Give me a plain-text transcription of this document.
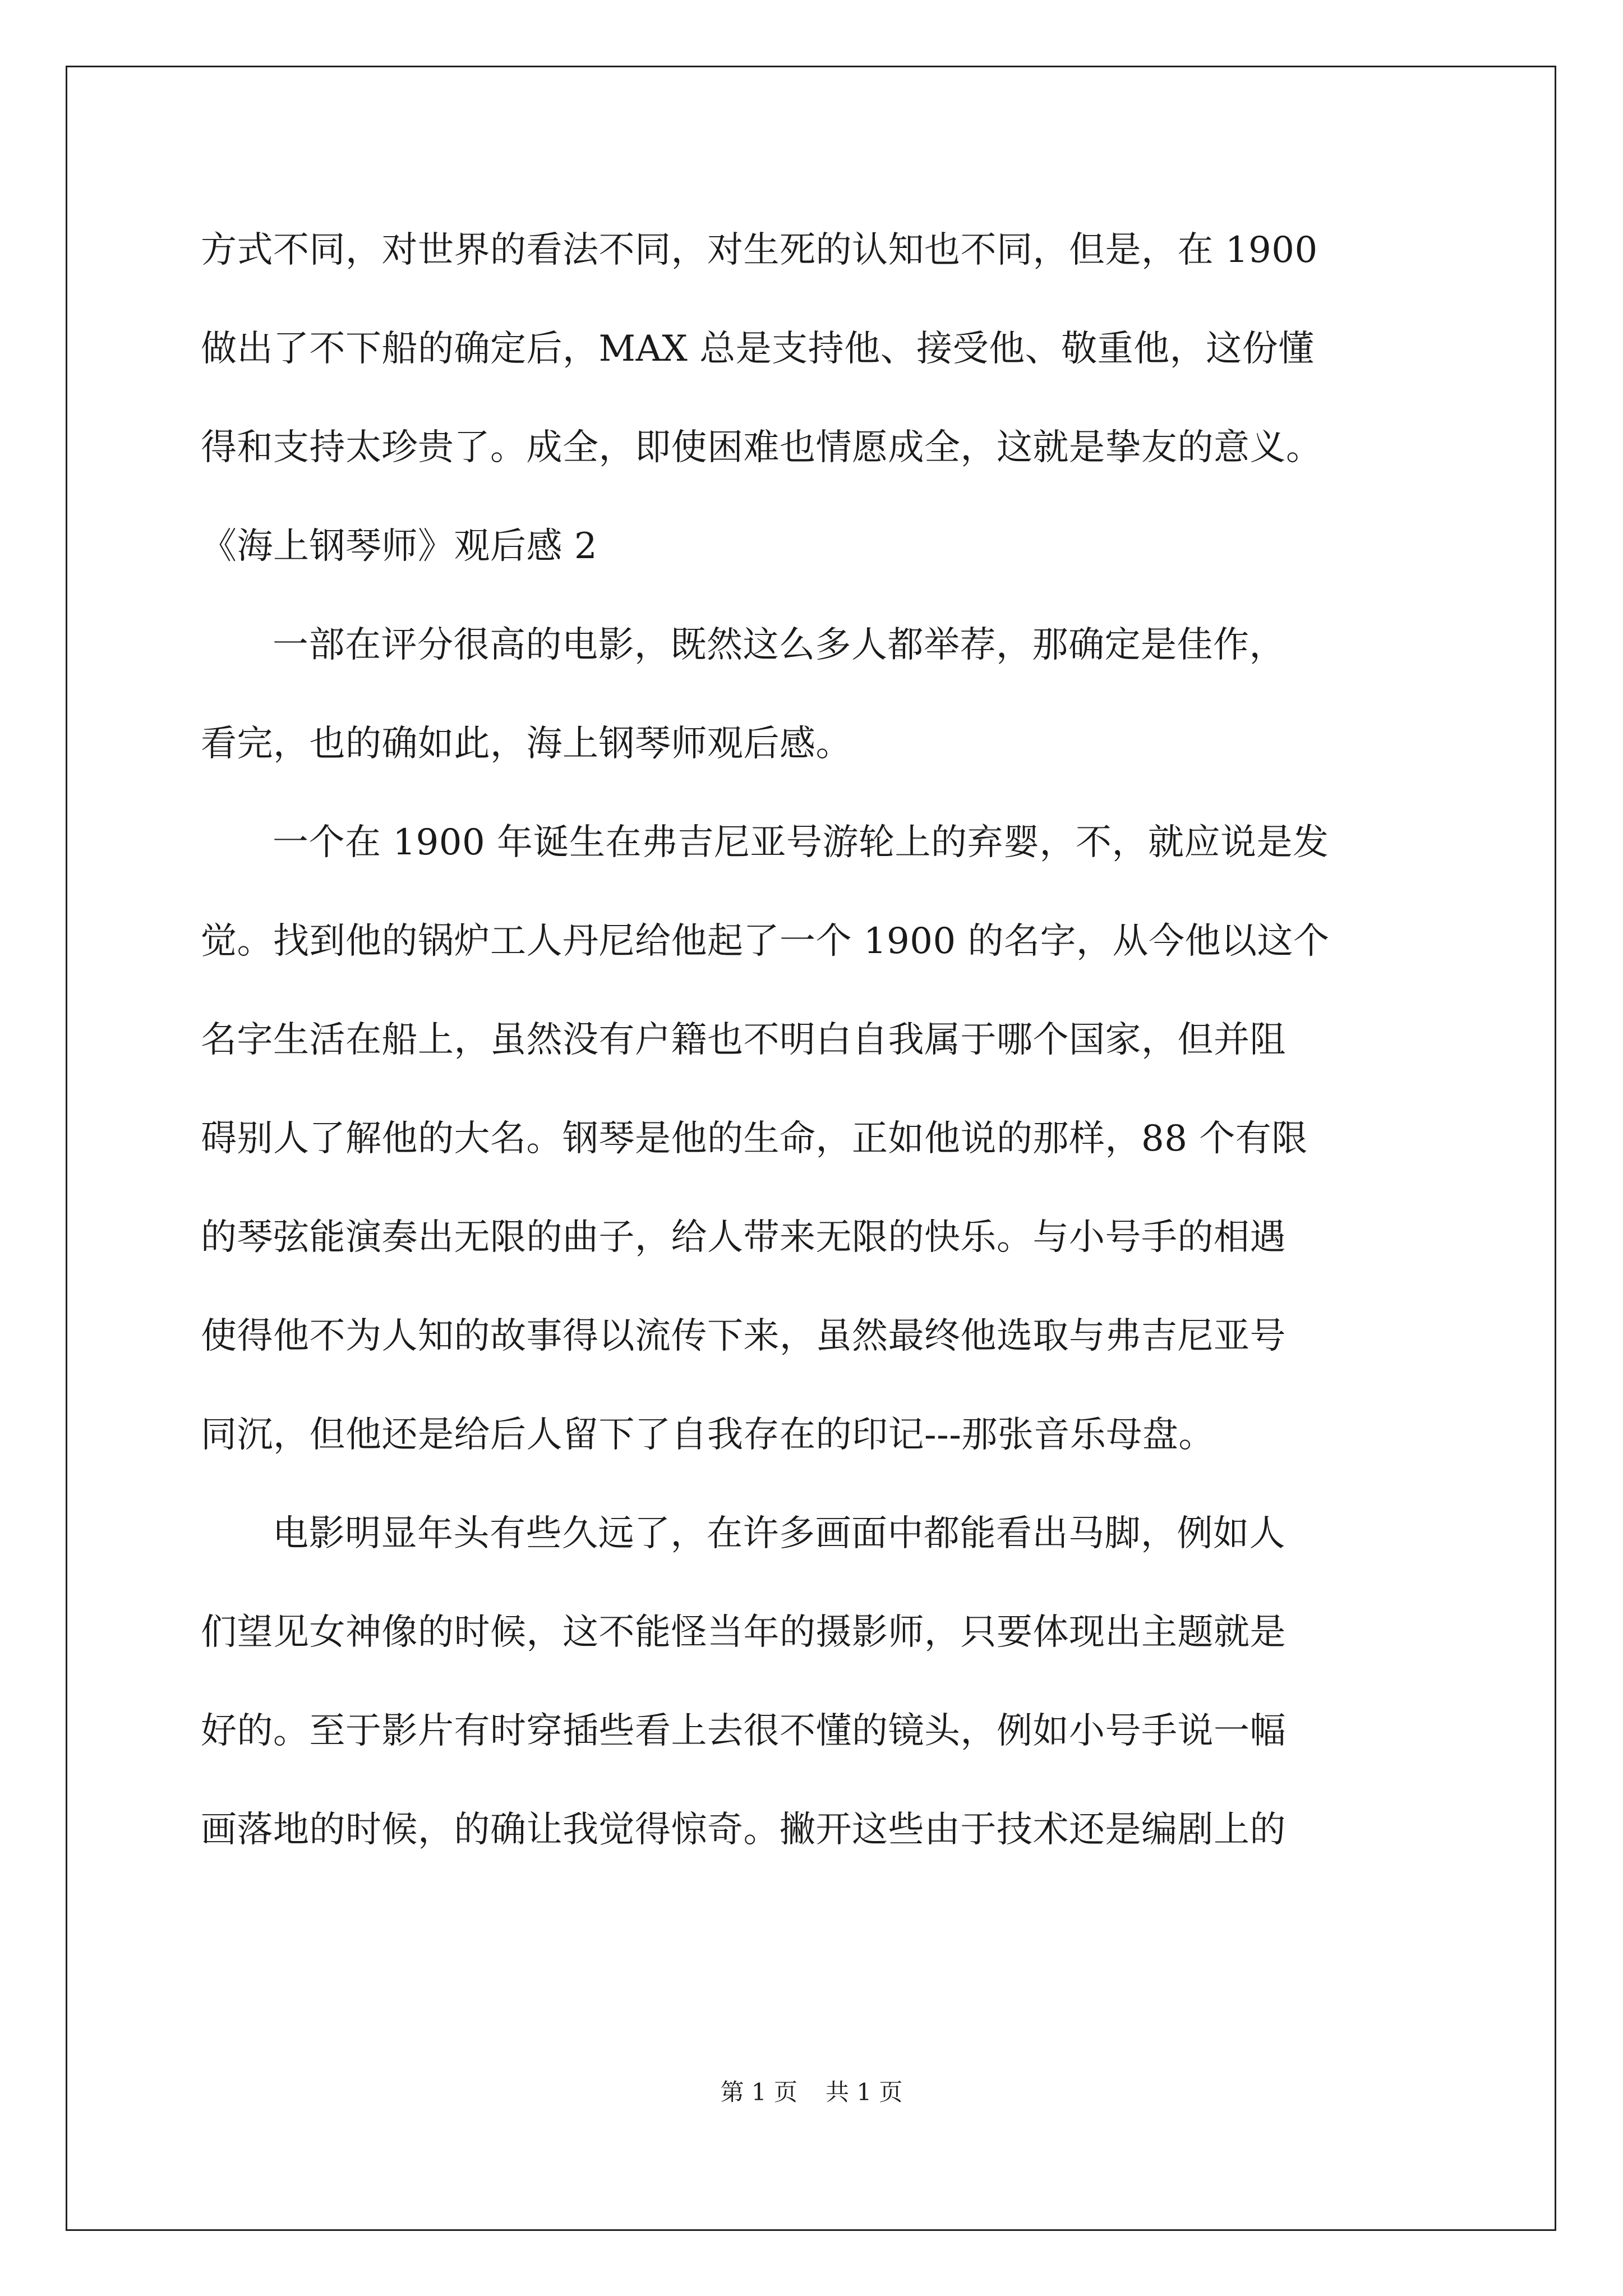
方式不同，对世界的看法不同，对生死的认知也不同，但是，在 1900
做出了不下船的确定后，MAX 总是支持他、接受他、敬重他，这份懂
得和支持太珍贵了。成全，即使困难也情愿成全，这就是挚友的意义。
《海上钢琴师》观后感 2
一部在评分很高的电影，既然这么多人都举荐，那确定是佳作，
看完，也的确如此，海上钢琴师观后感。
一个在 1900 年诞生在弗吉尼亚号游轮上的弃婴，不，就应说是发
觉。找到他的锅炉工人丹尼给他起了一个 1900 的名字，从今他以这个
名字生活在船上，虽然没有户籍也不明白自我属于哪个国家，但并阻
碍别人了解他的大名。钢琴是他的生命，正如他说的那样，88 个有限
的琴弦能演奏出无限的曲子，给人带来无限的快乐。与小号手的相遇
使得他不为人知的故事得以流传下来，虽然最终他选取与弗吉尼亚号
同沉，但他还是给后人留下了自我存在的印记---那张音乐母盘。
电影明显年头有些久远了，在许多画面中都能看出马脚，例如人
们望见女神像的时候，这不能怪当年的摄影师，只要体现出主题就是
好的。至于影片有时穿插些看上去很不懂的镜头，例如小号手说一幅
画落地的时候，的确让我觉得惊奇。撇开这些由于技术还是编剧上的
第 1 页 共 1 页
